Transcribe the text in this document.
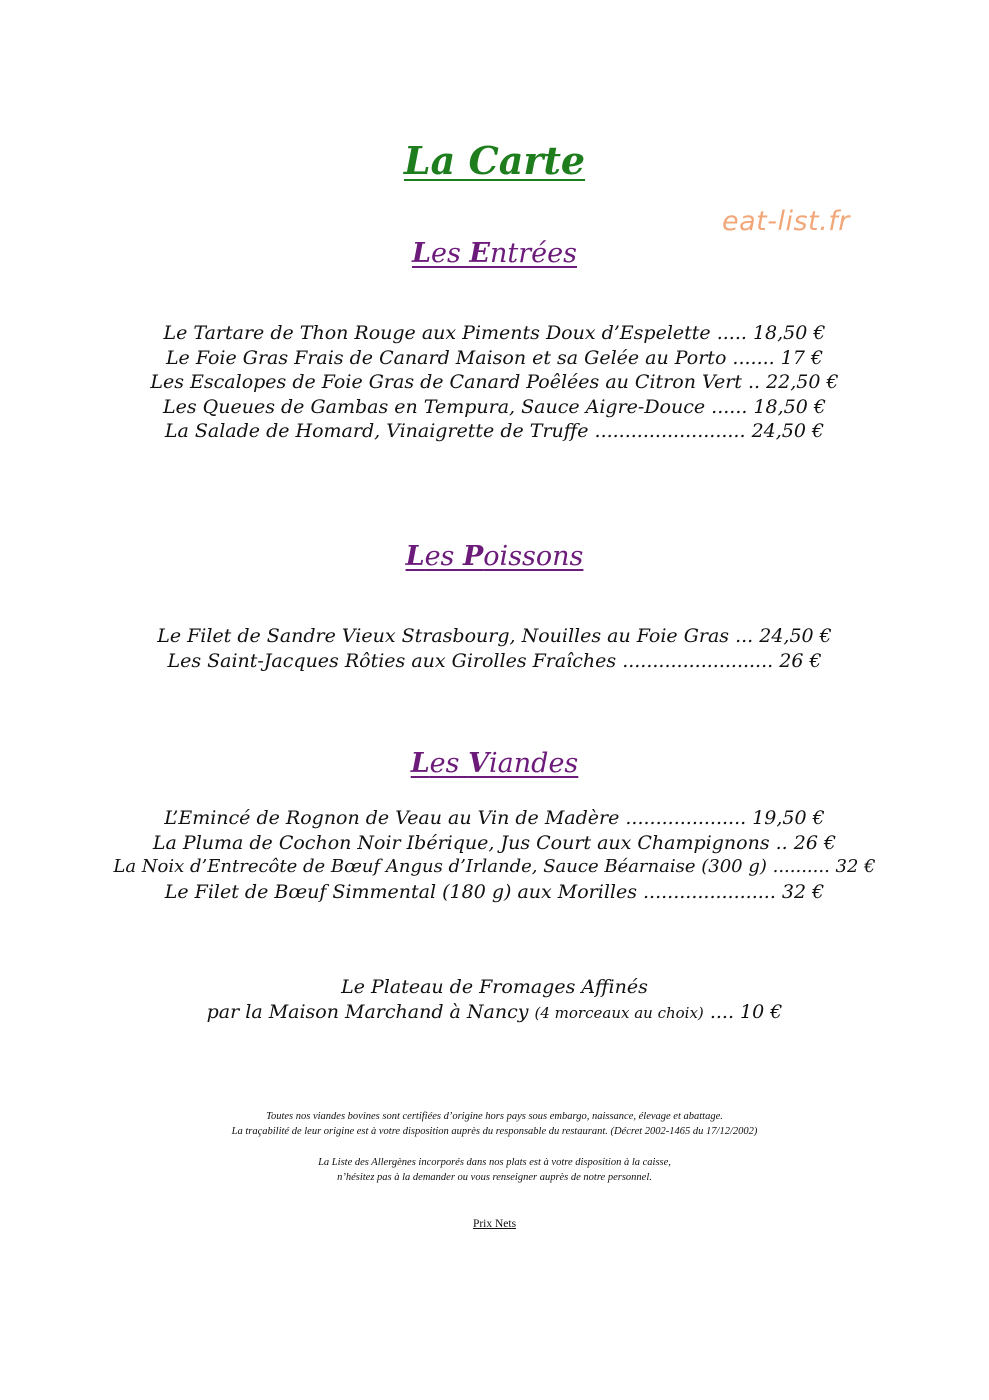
La Carte
eat-list.fr
Les Entrées
Le Tartare de Thon Rouge aux Piments Doux d’Espelette ..... 18,50 €
Le Foie Gras Frais de Canard Maison et sa Gelée au Porto ....... 17 €
Les Escalopes de Foie Gras de Canard Poêlées au Citron Vert .. 22,50 €
Les Queues de Gambas en Tempura, Sauce Aigre-Douce ...... 18,50 €
La Salade de Homard, Vinaigrette de Truffe ......................... 24,50 €
Les Poissons
Le Filet de Sandre Vieux Strasbourg, Nouilles au Foie Gras ... 24,50 €
Les Saint-Jacques Rôties aux Girolles Fraîches ......................... 26 €
Les Viandes
L’Emincé de Rognon de Veau au Vin de Madère .................... 19,50 €
La Pluma de Cochon Noir Ibérique, Jus Court aux Champignons .. 26 €
La Noix d’Entrecôte de Bœuf Angus d’Irlande, Sauce Béarnaise (300 g) .......... 32 €
Le Filet de Bœuf Simmental (180 g) aux Morilles ...................... 32 €
Le Plateau de Fromages Affinés
par la Maison Marchand à Nancy (4 morceaux au choix) .... 10 €
Toutes nos viandes bovines sont certifiées d’origine hors pays sous embargo, naissance, élevage et abattage.
La traçabilité de leur origine est à votre disposition auprès du responsable du restaurant. (Décret 2002-1465 du 17/12/2002)
La Liste des Allergènes incorporés dans nos plats est à votre disposition à la caisse,
n’hésitez pas à la demander ou vous renseigner auprès de notre personnel.
Prix Nets
